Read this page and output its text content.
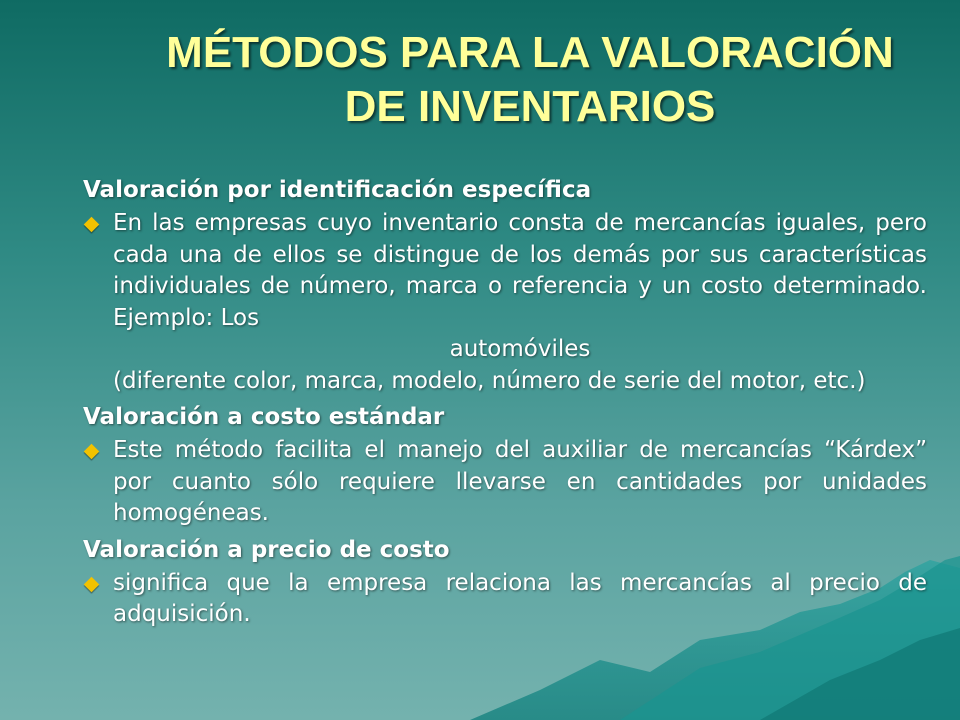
MÉTODOS PARA LA VALORACIÓN
DE INVENTARIOS
Valoración por identificación específica
En las empresas cuyo inventario consta de mercancías iguales, pero cada una de ellos se distingue de los demás por sus características individuales de número, marca o referencia y un costo determinado. Ejemplo: Los
automóviles
(diferente color, marca, modelo, número de serie del motor, etc.)
Valoración a costo estándar
Este método facilita el manejo del auxiliar de mercancías “Kárdex” por cuanto sólo requiere llevarse en cantidades por unidades homogéneas.
Valoración a precio de costo
significa que la empresa relaciona las mercancías al precio de adquisición.
